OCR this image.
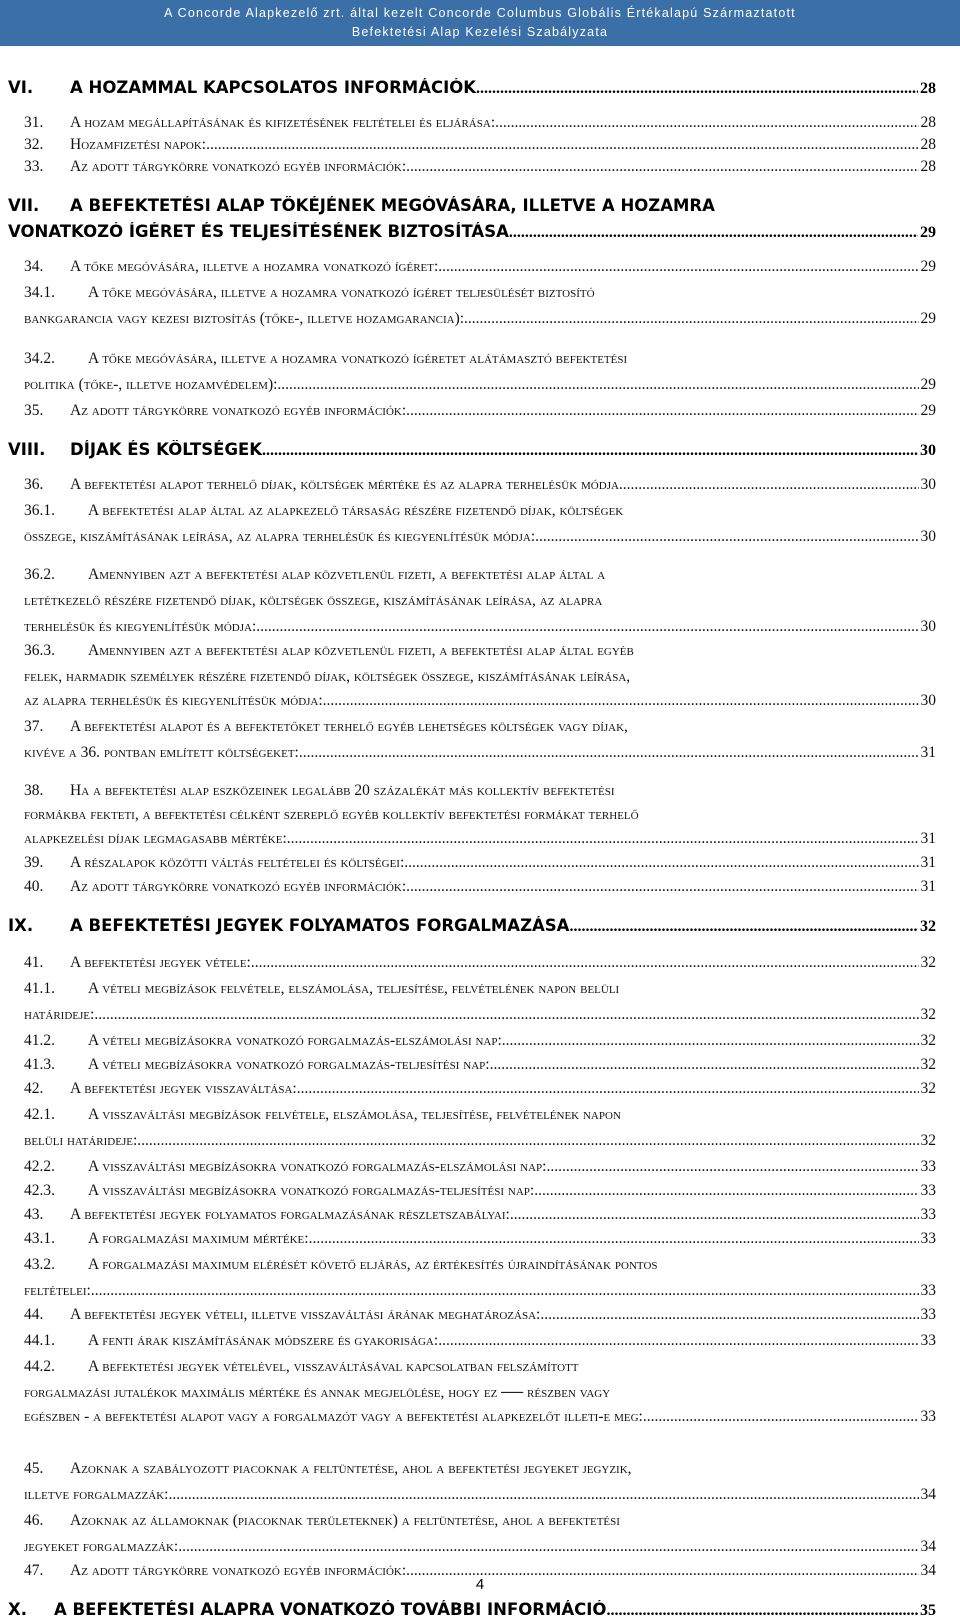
A Concorde Alapkezelő zrt. által kezelt Concorde Columbus Globális Értékalapú Származtatott
Befektetési Alap Kezelési Szabályzata
VI.	A HOZAMMAL KAPCSOLATOS INFORMÁCIÓK .....	28
31.	A hozam megállapításának és kifizetésének feltételei és eljárása: .....	28
32.	Hozamfizetési napok: .....	28
33.	Az adott tárgykörre vonatkozó egyéb információk: .....	28
VII.	A BEFEKTETÉSI ALAP TŐKÉJÉNEK MEGÓVÁSÁRA, ILLETVE A HOZAMRA
VONATKOZÓ ÍGÉRET ÉS TELJESÍTÉSÉNEK BIZTOSÍTÁSA .....	29
34.	A tőke megóvására, illetve a hozamra vonatkozó ígéret: .....	29
34.1.	A tőke megóvására, illetve a hozamra vonatkozó ígéret teljesülését biztosító
bankgarancia vagy kezesi biztosítás (tőke-, illetve hozamgarancia): .....	29
34.2.	A tőke megóvására, illetve a hozamra vonatkozó ígéretet alátámasztó befektetési
politika (tőke-, illetve hozamvédelem): .....	29
35.	Az adott tárgykörre vonatkozó egyéb információk: .....	29
VIII.	DÍJAK ÉS KÖLTSÉGEK .....	30
36.	A befektetési alapot terhelő díjak, költségek mértéke és az alapra terhelésük módja .....	30
36.1.	A befektetési alap által az alapkezelő társaság részére fizetendő díjak, költségek
összege, kiszámításának leírása, az alapra terhelésük és kiegyenlítésük módja: .....	30
36.2.	Amennyiben azt a befektetési alap közvetlenül fizeti, a befektetési alap által a
letétkezelő részére fizetendő díjak, költségek összege, kiszámításának leírása, az alapra
terhelésük és kiegyenlítésük módja: .....	30
36.3.	Amennyiben azt a befektetési alap közvetlenül fizeti, a befektetési alap által egyéb
felek, harmadik személyek részére fizetendő díjak, költségek összege, kiszámításának leírása,
az alapra terhelésük és kiegyenlítésük módja: .....	30
37.	A befektetési alapot és a befektetőket terhelő egyéb lehetséges költségek vagy díjak,
kivéve a 36. pontban említett költségeket: .....	31
38.	Ha a befektetési alap eszközeinek legalább 20 százalékát más kollektív befektetési
formákba fekteti, a befektetési célként szereplő egyéb kollektív befektetési formákat terhelő
alapkezelési díjak legmagasabb mértéke: .....	31
39.	A részalapok közötti váltás feltételei és költségei: .....	31
40.	Az adott tárgykörre vonatkozó egyéb információk: .....	31
IX.	A BEFEKTETÉSI JEGYEK FOLYAMATOS FORGALMAZÁSA .....	32
41.	A befektetési jegyek vétele: .....	32
41.1.	A vételi megbízások felvétele, elszámolása, teljesítése, felvételének napon belüli
határideje: .....	32
41.2.	A vételi megbízásokra vonatkozó forgalmazás-elszámolási nap: .....	32
41.3.	A vételi megbízásokra vonatkozó forgalmazás-teljesítési nap: .....	32
42.	A befektetési jegyek visszaváltása: .....	32
42.1.	A visszaváltási megbízások felvétele, elszámolása, teljesítése, felvételének napon
belüli határideje: .....	32
42.2.	A visszaváltási megbízásokra vonatkozó forgalmazás-elszámolási nap: .....	33
42.3.	A visszaváltási megbízásokra vonatkozó forgalmazás-teljesítési nap: .....	33
43.	A befektetési jegyek folyamatos forgalmazásának részletszabályai: .....	33
43.1.	A forgalmazási maximum mértéke: .....	33
43.2.	A forgalmazási maximum elérését követő eljárás, az értékesítés újraindításának pontos
feltételei: .....	33
44.	A befektetési jegyek vételi, illetve visszaváltási árának meghatározása: .....	33
44.1.	A fenti árak kiszámításának módszere és gyakorisága: .....	33
44.2.	A befektetési jegyek vételével, visszaváltásával kapcsolatban felszámított
forgalmazási jutalékok maximális mértéke és annak megjelölése, hogy ez ── részben vagy
egészben - a befektetési alapot vagy a forgalmazót vagy a befektetési alapkezelőt illeti-e meg: .....	33
45.	Azoknak a szabályozott piacoknak a feltüntetése, ahol a befektetési jegyeket jegyzik,
illetve forgalmazzák: .....	34
46.	Azoknak az államoknak (piacoknak területeknek) a feltüntetése, ahol a befektetési
jegyeket forgalmazzák: .....	34
47.	Az adott tárgykörre vonatkozó egyéb információk: .....	34
X.	A BEFEKTETÉSI ALAPRA VONATKOZÓ TOVÁBBI INFORMÁCIÓ .....	35
4
